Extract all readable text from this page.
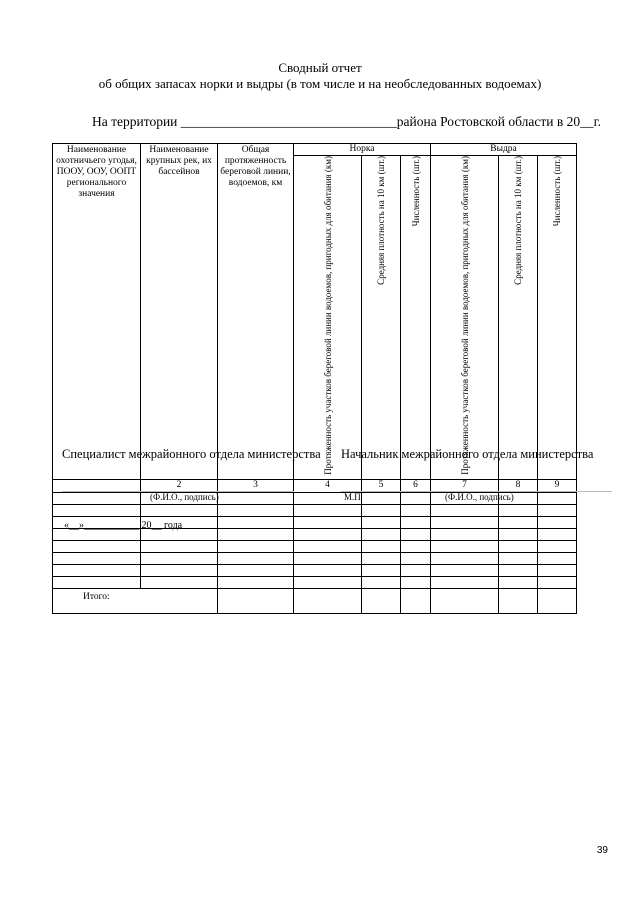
Сводный отчет
об общих запасах норки и выдры (в том числе и на необследованных водоемах)
На территории ________________________________района Ростовской области в 20__г.
Наименование охотничьего угодья, ПООУ, ООУ, ООПТ регионального значения	Наименование крупных рек, их бассейнов	Общая протяженность береговой линии, водоемов, км	Норка			Выдра		

			Протяженность участков береговой линии водоемов, пригодных для обитания (км)	Средняя плотность на 10 км (шт.)	Численность (шт.)	Протяженность участков береговой линии водоемов, пригодных для обитания (км)	Средняя плотность на 10 км (шт.)	Численность (шт.)

	2	3	4	5	6	7	8	9

Итого:								
Специалист межрайонного отдела министерства Начальник межрайонного отдела министерства
(Ф.И.О., подпись)	М.П	(Ф.И.О., подпись)
«__»___________ 20__ года
39
